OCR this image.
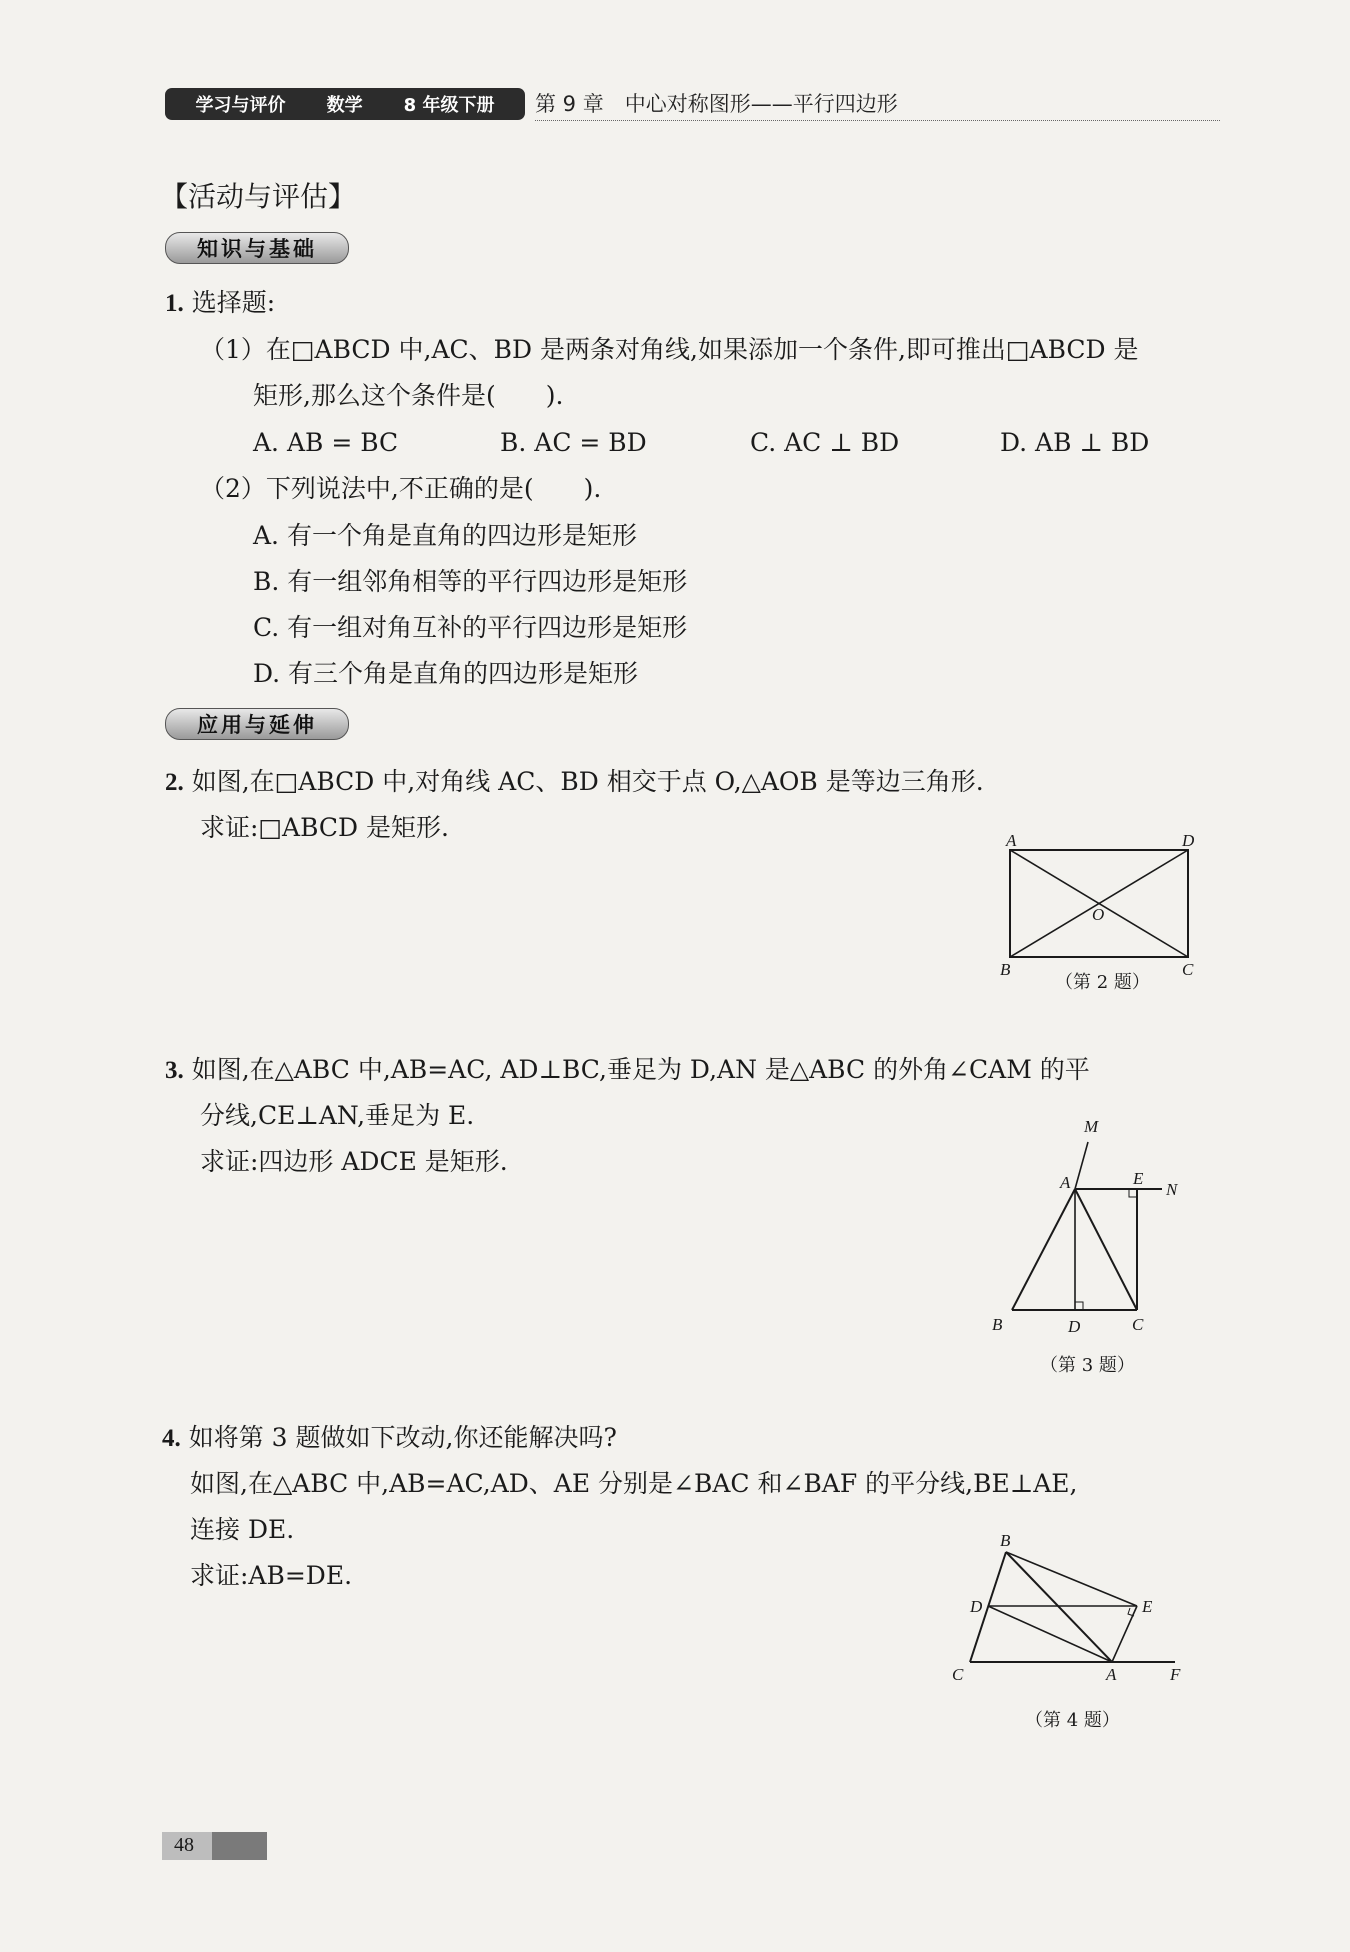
学习与评价 数学 8 年级下册 第 9 章　中心对称图形——平行四边形
【活动与评估】
知识与基础
1. 选择题:
（1）在□ABCD 中,AC、BD 是两条对角线,如果添加一个条件,即可推出□ABCD 是
矩形,那么这个条件是(　　).
A. AB = BC	B. AC = BD	C. AC ⊥ BD	D. AB ⊥ BD
（2）下列说法中,不正确的是(　　).
A. 有一个角是直角的四边形是矩形
B. 有一组邻角相等的平行四边形是矩形
C. 有一组对角互补的平行四边形是矩形
D. 有三个角是直角的四边形是矩形
应用与延伸
2. 如图,在□ABCD 中,对角线 AC、BD 相交于点 O,△AOB 是等边三角形.
求证:□ABCD 是矩形.	A	D
B	C
O
（第 2 题）
3. 如图,在△ABC 中,AB=AC, AD⊥BC,垂足为 D,AN 是△ABC 的外角∠CAM 的平
分线,CE⊥AN,垂足为 E.
求证:四边形 ADCE 是矩形.
M
A	E
N
B	D	C
（第 3 题）
4. 如将第 3 题做如下改动,你还能解决吗?
如图,在△ABC 中,AB=AC,AD、AE 分别是∠BAC 和∠BAF 的平分线,BE⊥AE,
连接 DE.
求证:AB=DE.
B
D	E
C	A	F
（第 4 题）
48
